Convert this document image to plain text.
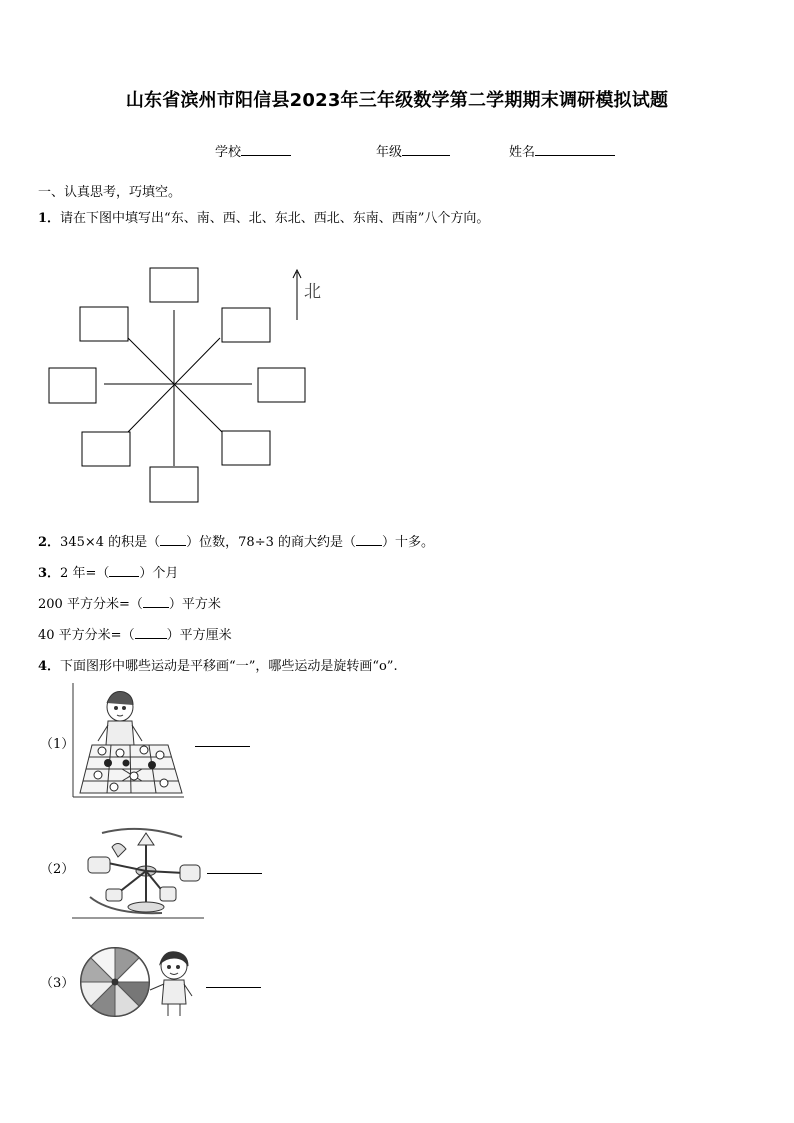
山东省滨州市阳信县2023年三年级数学第二学期期末调研模拟试题
学校	年级	姓名
一、认真思考，巧填空。
1．请在下图中填写出“东、南、西、北、东北、西北、东南、西南”八个方向。
北
2．345×4 的积是（ ）位数，78÷3 的商大约是（ ）十多。
3．2 年=（ ）个月
200 平方分米=（ ）平方米
40 平方分米=（ ）平方厘米
4．下面图形中哪些运动是平移画“一”，哪些运动是旋转画“o”.
（1）
（2）
（3）
